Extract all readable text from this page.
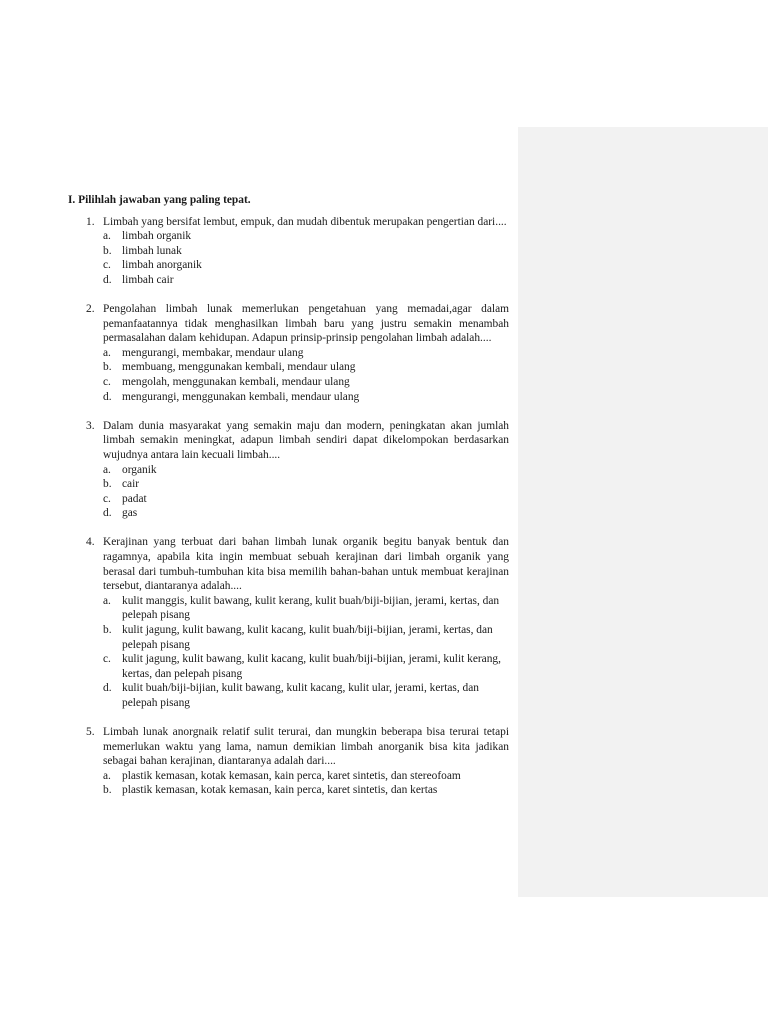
I. Pilihlah jawaban yang paling tepat.
1. Limbah yang bersifat lembut, empuk, dan mudah dibentuk merupakan pengertian dari....
a. limbah organik
b. limbah lunak
c. limbah anorganik
d. limbah cair
2. Pengolahan limbah lunak memerlukan pengetahuan yang memadai,agar dalam pemanfaatannya tidak menghasilkan limbah baru yang justru semakin menambah permasalahan dalam kehidupan. Adapun prinsip-prinsip pengolahan limbah adalah....
a. mengurangi, membakar, mendaur ulang
b. membuang, menggunakan kembali, mendaur ulang
c. mengolah, menggunakan kembali, mendaur ulang
d. mengurangi, menggunakan kembali, mendaur ulang
3. Dalam dunia masyarakat yang semakin maju dan modern, peningkatan akan jumlah limbah semakin meningkat, adapun limbah sendiri dapat dikelompokan berdasarkan wujudnya antara lain kecuali limbah....
a. organik
b. cair
c. padat
d. gas
4. Kerajinan yang terbuat dari bahan limbah lunak organik begitu banyak bentuk dan ragamnya, apabila kita ingin membuat sebuah kerajinan dari limbah organik yang berasal dari tumbuh-tumbuhan kita bisa memilih bahan-bahan untuk membuat kerajinan tersebut, diantaranya adalah....
a. kulit manggis, kulit bawang, kulit kerang, kulit buah/biji-bijian, jerami, kertas, dan pelepah pisang
b. kulit jagung, kulit bawang, kulit kacang, kulit buah/biji-bijian, jerami, kertas, dan pelepah pisang
c. kulit jagung, kulit bawang, kulit kacang, kulit buah/biji-bijian, jerami, kulit kerang, kertas, dan pelepah pisang
d. kulit buah/biji-bijian, kulit bawang, kulit kacang, kulit ular, jerami, kertas, dan pelepah pisang
5. Limbah lunak anorgnaik relatif sulit terurai, dan mungkin beberapa bisa terurai tetapi memerlukan waktu yang lama, namun demikian limbah anorganik bisa kita jadikan sebagai bahan kerajinan, diantaranya adalah dari....
a. plastik kemasan, kotak kemasan, kain perca, karet sintetis, dan stereofoam
b. plastik kemasan, kotak kemasan, kain perca, karet sintetis, dan kertas
